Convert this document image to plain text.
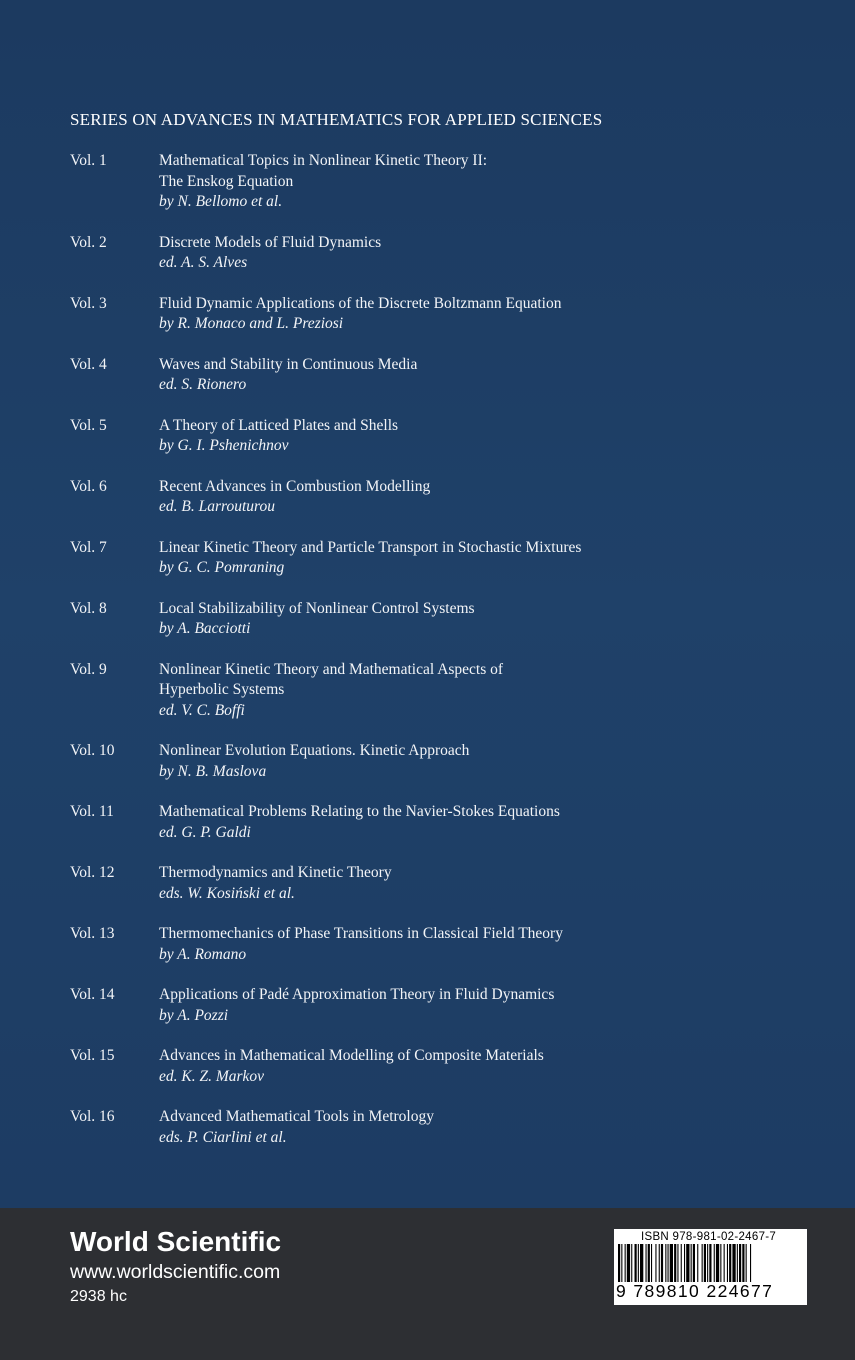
SERIES ON ADVANCES IN MATHEMATICS FOR APPLIED SCIENCES
Vol. 1	Mathematical Topics in Nonlinear Kinetic Theory II:
The Enskog Equation
by N. Bellomo et al.
Vol. 2	Discrete Models of Fluid Dynamics
ed. A. S. Alves
Vol. 3	Fluid Dynamic Applications of the Discrete Boltzmann Equation
by R. Monaco and L. Preziosi
Vol. 4	Waves and Stability in Continuous Media
ed. S. Rionero
Vol. 5	A Theory of Latticed Plates and Shells
by G. I. Pshenichnov
Vol. 6	Recent Advances in Combustion Modelling
ed. B. Larrouturou
Vol. 7	Linear Kinetic Theory and Particle Transport in Stochastic Mixtures
by G. C. Pomraning
Vol. 8	Local Stabilizability of Nonlinear Control Systems
by A. Bacciotti
Vol. 9	Nonlinear Kinetic Theory and Mathematical Aspects of
Hyperbolic Systems
ed. V. C. Boffi
Vol. 10	Nonlinear Evolution Equations. Kinetic Approach
by N. B. Maslova
Vol. 11	Mathematical Problems Relating to the Navier-Stokes Equations
ed. G. P. Galdi
Vol. 12	Thermodynamics and Kinetic Theory
eds. W. Kosiński et al.
Vol. 13	Thermomechanics of Phase Transitions in Classical Field Theory
by A. Romano
Vol. 14	Applications of Padé Approximation Theory in Fluid Dynamics
by A. Pozzi
Vol. 15	Advances in Mathematical Modelling of Composite Materials
ed. K. Z. Markov
Vol. 16	Advanced Mathematical Tools in Metrology
eds. P. Ciarlini et al.
World Scientific
www.worldscientific.com
2938 hc
ISBN 978-981-02-2467-7
9 789810 224677
